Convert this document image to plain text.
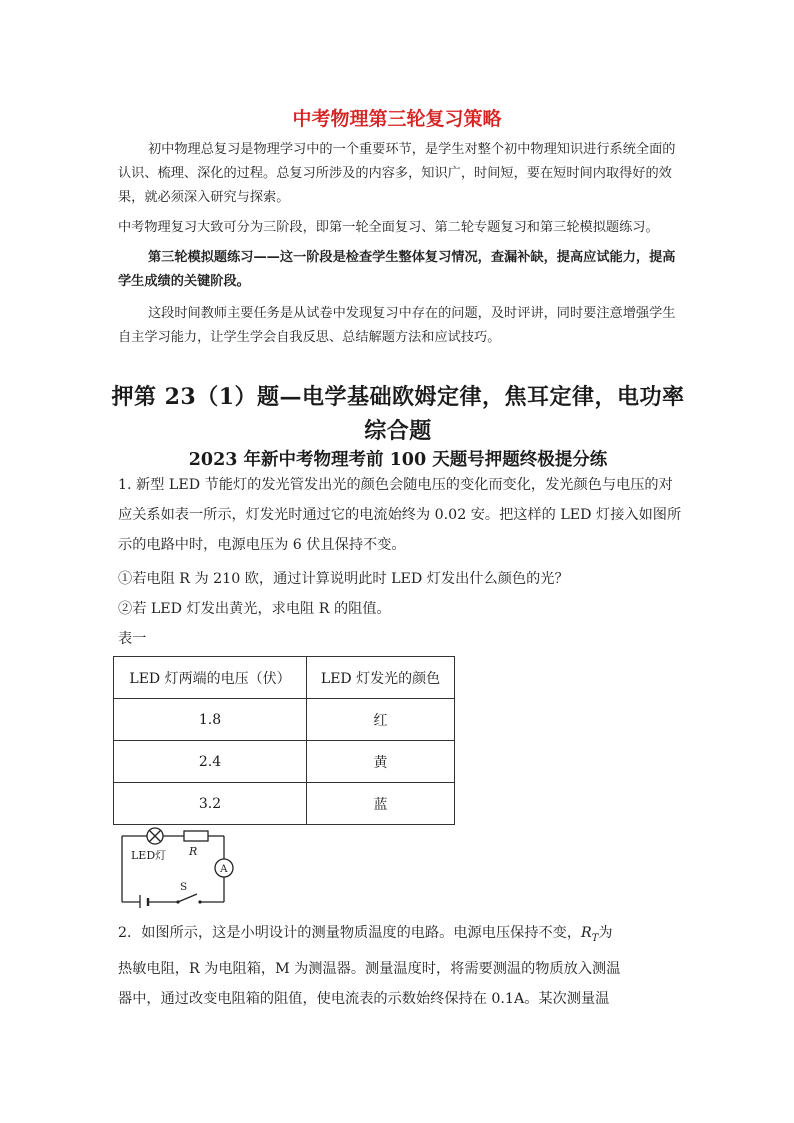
中考物理第三轮复习策略
初中物理总复习是物理学习中的一个重要环节，是学生对整个初中物理知识进行系统全面的认识、梳理、深化的过程。总复习所涉及的内容多，知识广，时间短，要在短时间内取得好的效果，就必须深入研究与探索。
中考物理复习大致可分为三阶段，即第一轮全面复习、第二轮专题复习和第三轮模拟题练习。
第三轮模拟题练习——这一阶段是检查学生整体复习情况，查漏补缺，提高应试能力，提高学生成绩的关键阶段。
这段时间教师主要任务是从试卷中发现复习中存在的问题，及时评讲，同时要注意增强学生自主学习能力，让学生学会自我反思、总结解题方法和应试技巧。
押第 23（1）题—电学基础欧姆定律，焦耳定律，电功率综合题
2023 年新中考物理考前 100 天题号押题终极提分练
1. 新型 LED 节能灯的发光管发出光的颜色会随电压的变化而变化，发光颜色与电压的对应关系如表一所示，灯发光时通过它的电流始终为 0.02 安。把这样的 LED 灯接入如图所示的电路中时，电源电压为 6 伏且保持不变。
①若电阻 R 为 210 欧，通过计算说明此时 LED 灯发出什么颜色的光？
②若 LED 灯发出黄光，求电阻 R 的阻值。
表一
LED 灯两端的电压（伏）	LED 灯发光的颜色
1.8	红
2.4	黄
3.2	蓝
LED灯 R
A
S
2．如图所示，这是小明设计的测量物质温度的电路。电源电压保持不变，$R_T$为
热敏电阻，R 为电阻箱，M 为测温器。测量温度时，将需要测温的物质放入测温
器中，通过改变电阻箱的阻值，使电流表的示数始终保持在 0.1A。某次测量温
